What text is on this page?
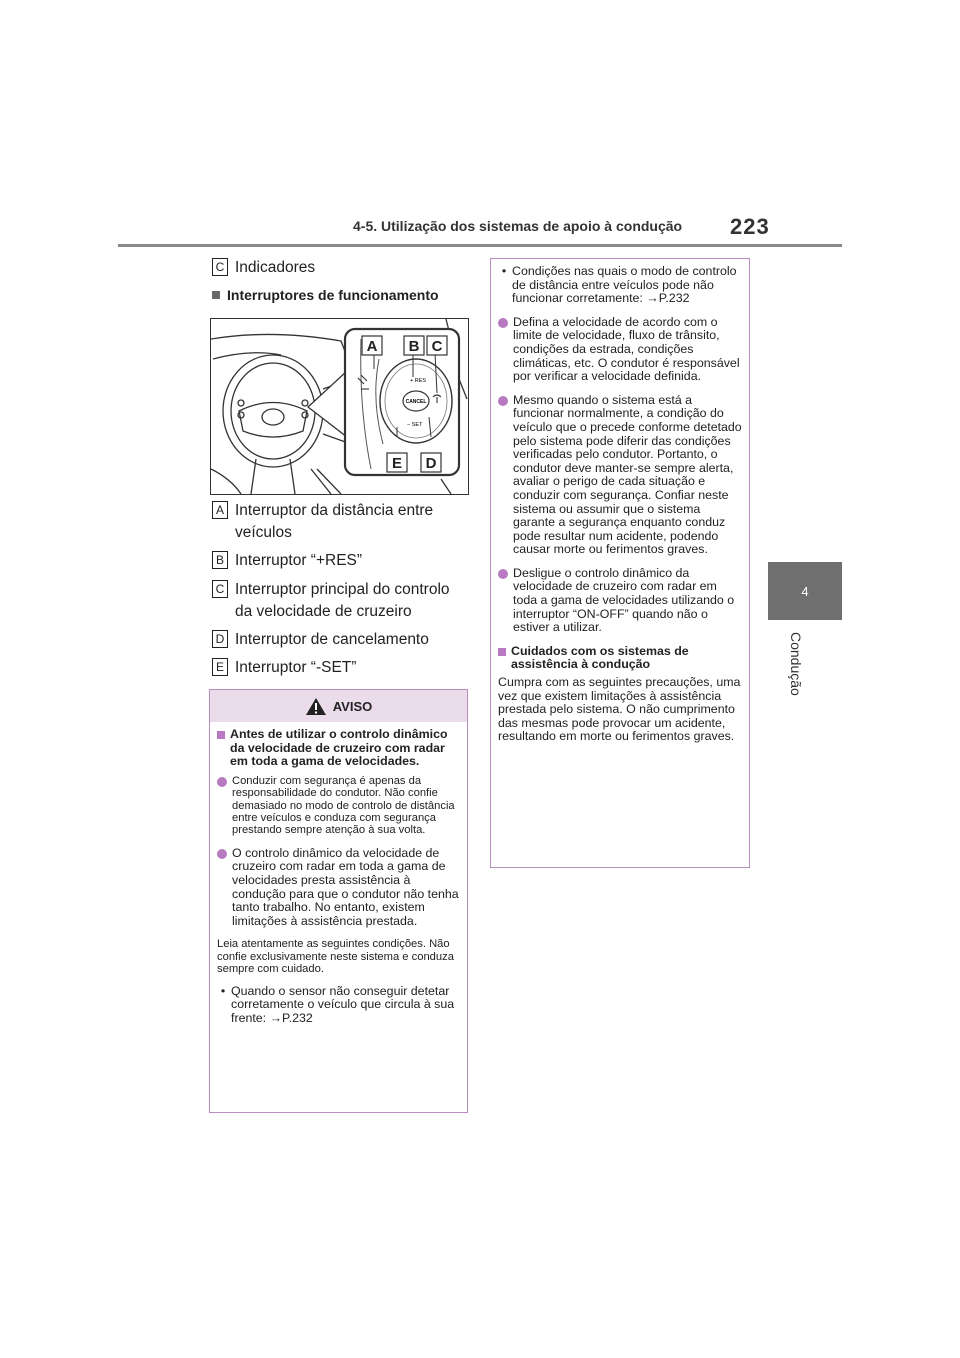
4-5. Utilização dos sistemas de apoio à condução 223
4
Condução
C Indicadores
Interruptores de funcionamento
CANCEL
+ RES
− SET
A B C
E D
A Interruptor da distância entre
veículos
B Interruptor “+RES”
C Interruptor principal do controlo
da velocidade de cruzeiro
D Interruptor de cancelamento
E Interruptor “-SET”
AVISO
Antes de utilizar o controlo dinâmico da velocidade de cruzeiro com radar em toda a gama de velocidades.
Conduzir com segurança é apenas da responsabilidade do condutor. Não confie demasiado no modo de controlo de distância entre veículos e conduza com segurança prestando sempre atenção à sua volta.
O controlo dinâmico da velocidade de cruzeiro com radar em toda a gama de velocidades presta assistência à condução para que o condutor não tenha tanto trabalho. No entanto, existem limitações à assistência prestada.

Leia atentamente as seguintes condições. Não confie exclusivamente neste sistema e conduza sempre com cuidado.

• Quando o sensor não conseguir detetar corretamente o veículo que circula à sua frente: →P.232
• Condições nas quais o modo de controlo de distância entre veículos pode não funcionar corretamente: →P.232
Defina a velocidade de acordo com o limite de velocidade, fluxo de trânsito, condições da estrada, condições climáticas, etc. O condutor é responsável por verificar a velocidade definida.
Mesmo quando o sistema está a funcionar normalmente, a condição do veículo que o precede conforme detetado pelo sistema pode diferir das condições verificadas pelo condutor. Portanto, o condutor deve manter-se sempre alerta, avaliar o perigo de cada situação e conduzir com segurança. Confiar neste sistema ou assumir que o sistema garante a segurança enquanto conduz pode resultar num acidente, podendo causar morte ou ferimentos graves.
Desligue o controlo dinâmico da velocidade de cruzeiro com radar em toda a gama de velocidades utilizando o interruptor “ON-OFF” quando não o estiver a utilizar.
Cuidados com os sistemas de assistência à condução

Cumpra com as seguintes precauções, uma vez que existem limitações à assistência prestada pelo sistema. O não cumprimento das mesmas pode provocar um acidente, resultando em morte ou ferimentos graves.
